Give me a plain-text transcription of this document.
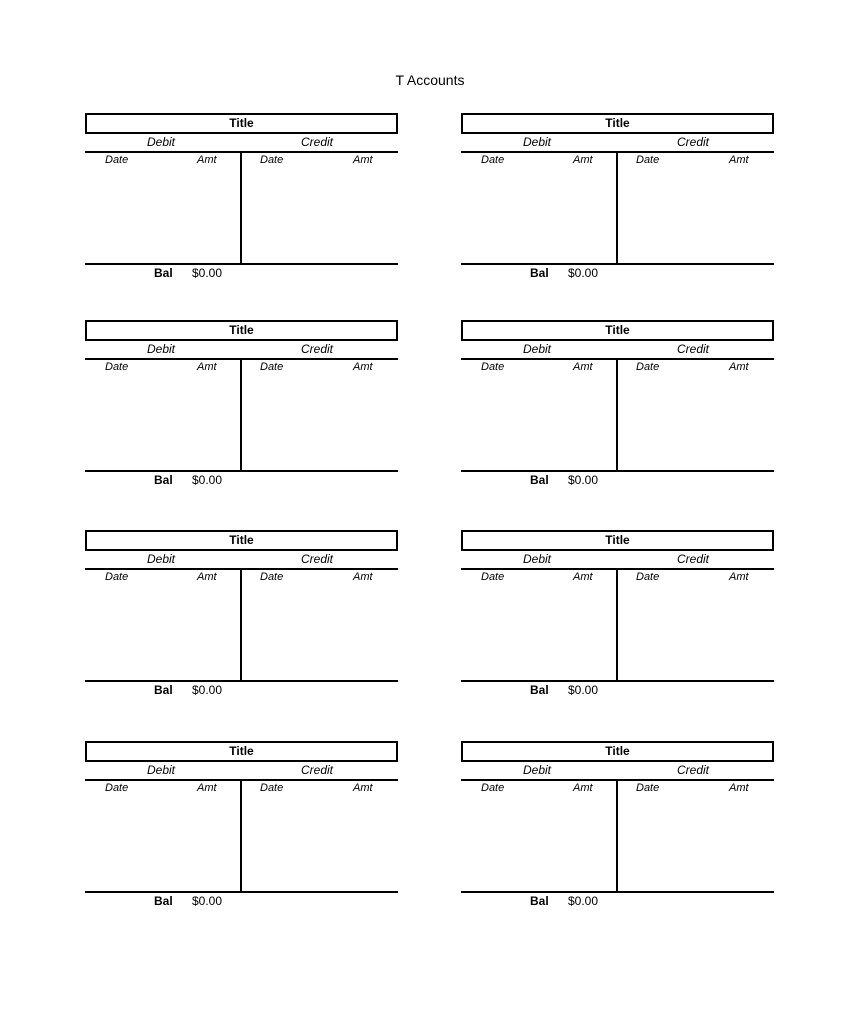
T Accounts
Title
Debit	Credit
Date	Amt	Date	Amt
Bal $0.00
Title
Debit	Credit
Date	Amt	Date	Amt
Bal $0.00
Title
Debit	Credit
Date	Amt	Date	Amt
Bal $0.00
Title
Debit	Credit
Date	Amt	Date	Amt
Bal $0.00
Title
Debit	Credit
Date	Amt	Date	Amt
Bal $0.00
Title
Debit	Credit
Date	Amt	Date	Amt
Bal $0.00
Title
Debit	Credit
Date	Amt	Date	Amt
Bal $0.00
Title
Debit	Credit
Date	Amt	Date	Amt
Bal $0.00
